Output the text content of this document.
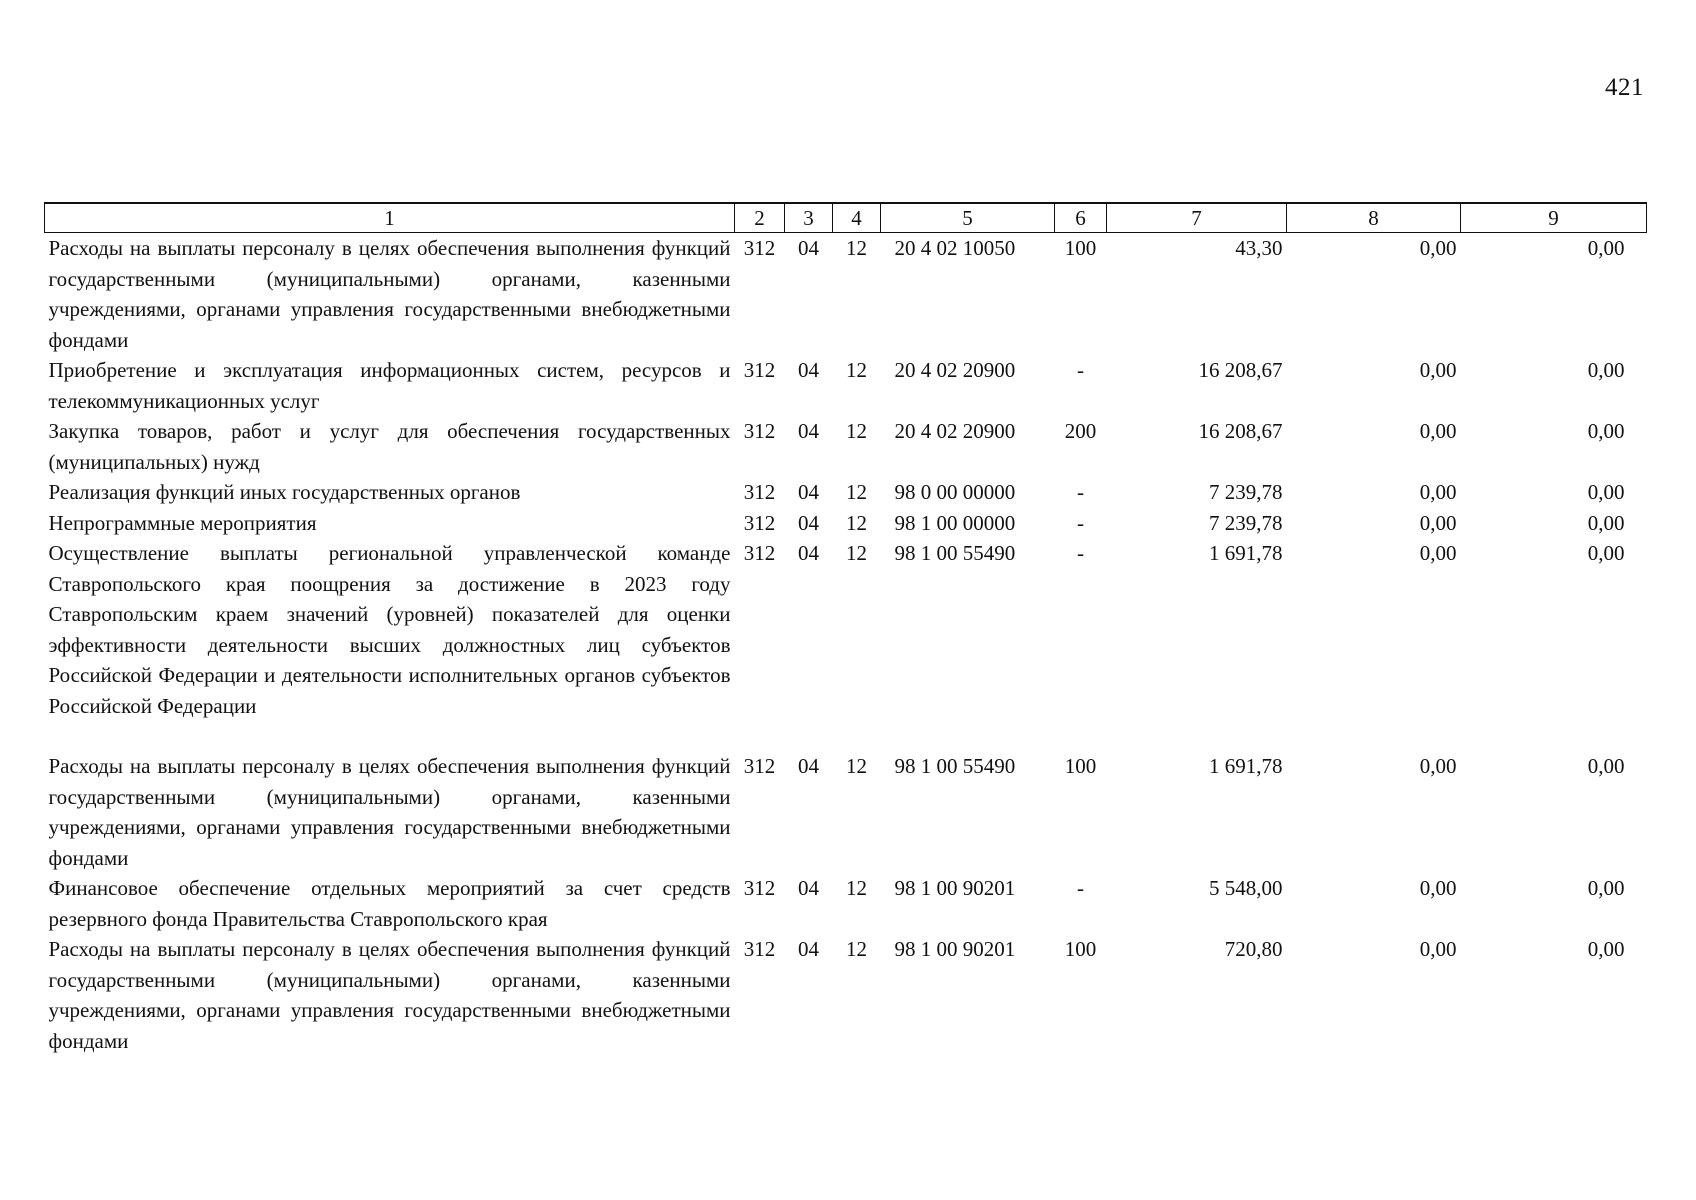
421
1	2	3	4	5	6	7	8	9
Расходы на выплаты персоналу в целях обеспечения выполнения функций государственными (муниципальными) органами, казенными учреждениями, органами управления государственными внебюджетными фондами	312	04	12	20 4 02 10050	100	43,30	0,00	0,00
Приобретение и эксплуатация информационных систем, ресурсов и телекоммуникационных услуг	312	04	12	20 4 02 20900	-	16 208,67	0,00	0,00
Закупка товаров, работ и услуг для обеспечения государственных (муниципальных) нужд	312	04	12	20 4 02 20900	200	16 208,67	0,00	0,00
Реализация функций иных государственных органов	312	04	12	98 0 00 00000	-	7 239,78	0,00	0,00
Непрограммные мероприятия	312	04	12	98 1 00 00000	-	7 239,78	0,00	0,00
Осуществление выплаты региональной управленческой команде Ставропольского края поощрения за достижение в 2023 году Ставропольским краем значений (уровней) показателей для оценки эффективности деятельности высших должностных лиц субъектов Российской Федерации и деятельности исполнительных органов субъектов Российской Федерации	312	04	12	98 1 00 55490	-	1 691,78	0,00	0,00

Расходы на выплаты персоналу в целях обеспечения выполнения функций государственными (муниципальными) органами, казенными учреждениями, органами управления государственными внебюджетными фондами	312	04	12	98 1 00 55490	100	1 691,78	0,00	0,00
Финансовое обеспечение отдельных мероприятий за счет средств резервного фонда Правительства Ставропольского края	312	04	12	98 1 00 90201	-	5 548,00	0,00	0,00
Расходы на выплаты персоналу в целях обеспечения выполнения функций государственными (муниципальными) органами, казенными учреждениями, органами управления государственными внебюджетными фондами	312	04	12	98 1 00 90201	100	720,80	0,00	0,00
